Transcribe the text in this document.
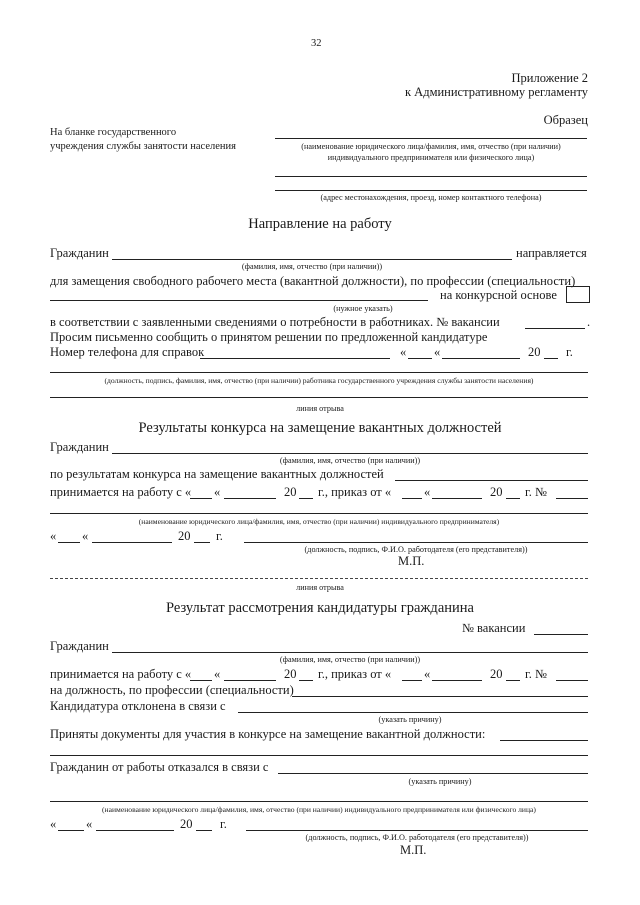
32
Приложение 2
к Административному регламенту
Образец
На бланке государственного
учреждения службы занятости населения	(наименование юридического лица/фамилия, имя, отчество (при наличии)
индивидуального предпринимателя или физического лица)
(адрес местонахождения, проезд, номер контактного телефона)
Направление на работу
Гражданин	направляется
(фамилия, имя, отчество (при наличии))
для замещения свободного рабочего места (вакантной должности), по профессии (специальности)
на конкурсной основе
(нужное указать)
в соответствии с заявленными сведениями о потребности в работниках. № вакансии	.
Просим письменно сообщить о принятом решении по предложенной кандидатуре
Номер телефона для справок	« «	20 г.
(должность, подпись, фамилия, имя, отчество (при наличии) работника государственного учреждения службы занятости населения)
линия отрыва
Результаты конкурса на замещение вакантных должностей
Гражданин
(фамилия, имя, отчество (при наличии))
по результатам конкурса на замещение вакантных должностей
принимается на работу с « «	20 г., приказ от «	«	20 г. №
(наименование юридического лица/фамилия, имя, отчество (при наличии) индивидуального предпринимателя)
« «	20 г.
(должность, подпись, Ф.И.О. работодателя (его представителя))
М.П.
линия отрыва
Результат рассмотрения кандидатуры гражданина
№ вакансии
Гражданин
(фамилия, имя, отчество (при наличии))
принимается на работу с « «	20 г., приказ от «	«	20 г. №
на должность, по профессии (специальности)
Кандидатура отклонена в связи с
(указать причину)
Приняты документы для участия в конкурсе на замещение вакантной должности:
Гражданин от работы отказался в связи с
(указать причину)
(наименование юридического лица/фамилия, имя, отчество (при наличии) индивидуального предпринимателя или физического лица)
« «	20 г.
(должность, подпись, Ф.И.О. работодателя (его представителя))
М.П.
